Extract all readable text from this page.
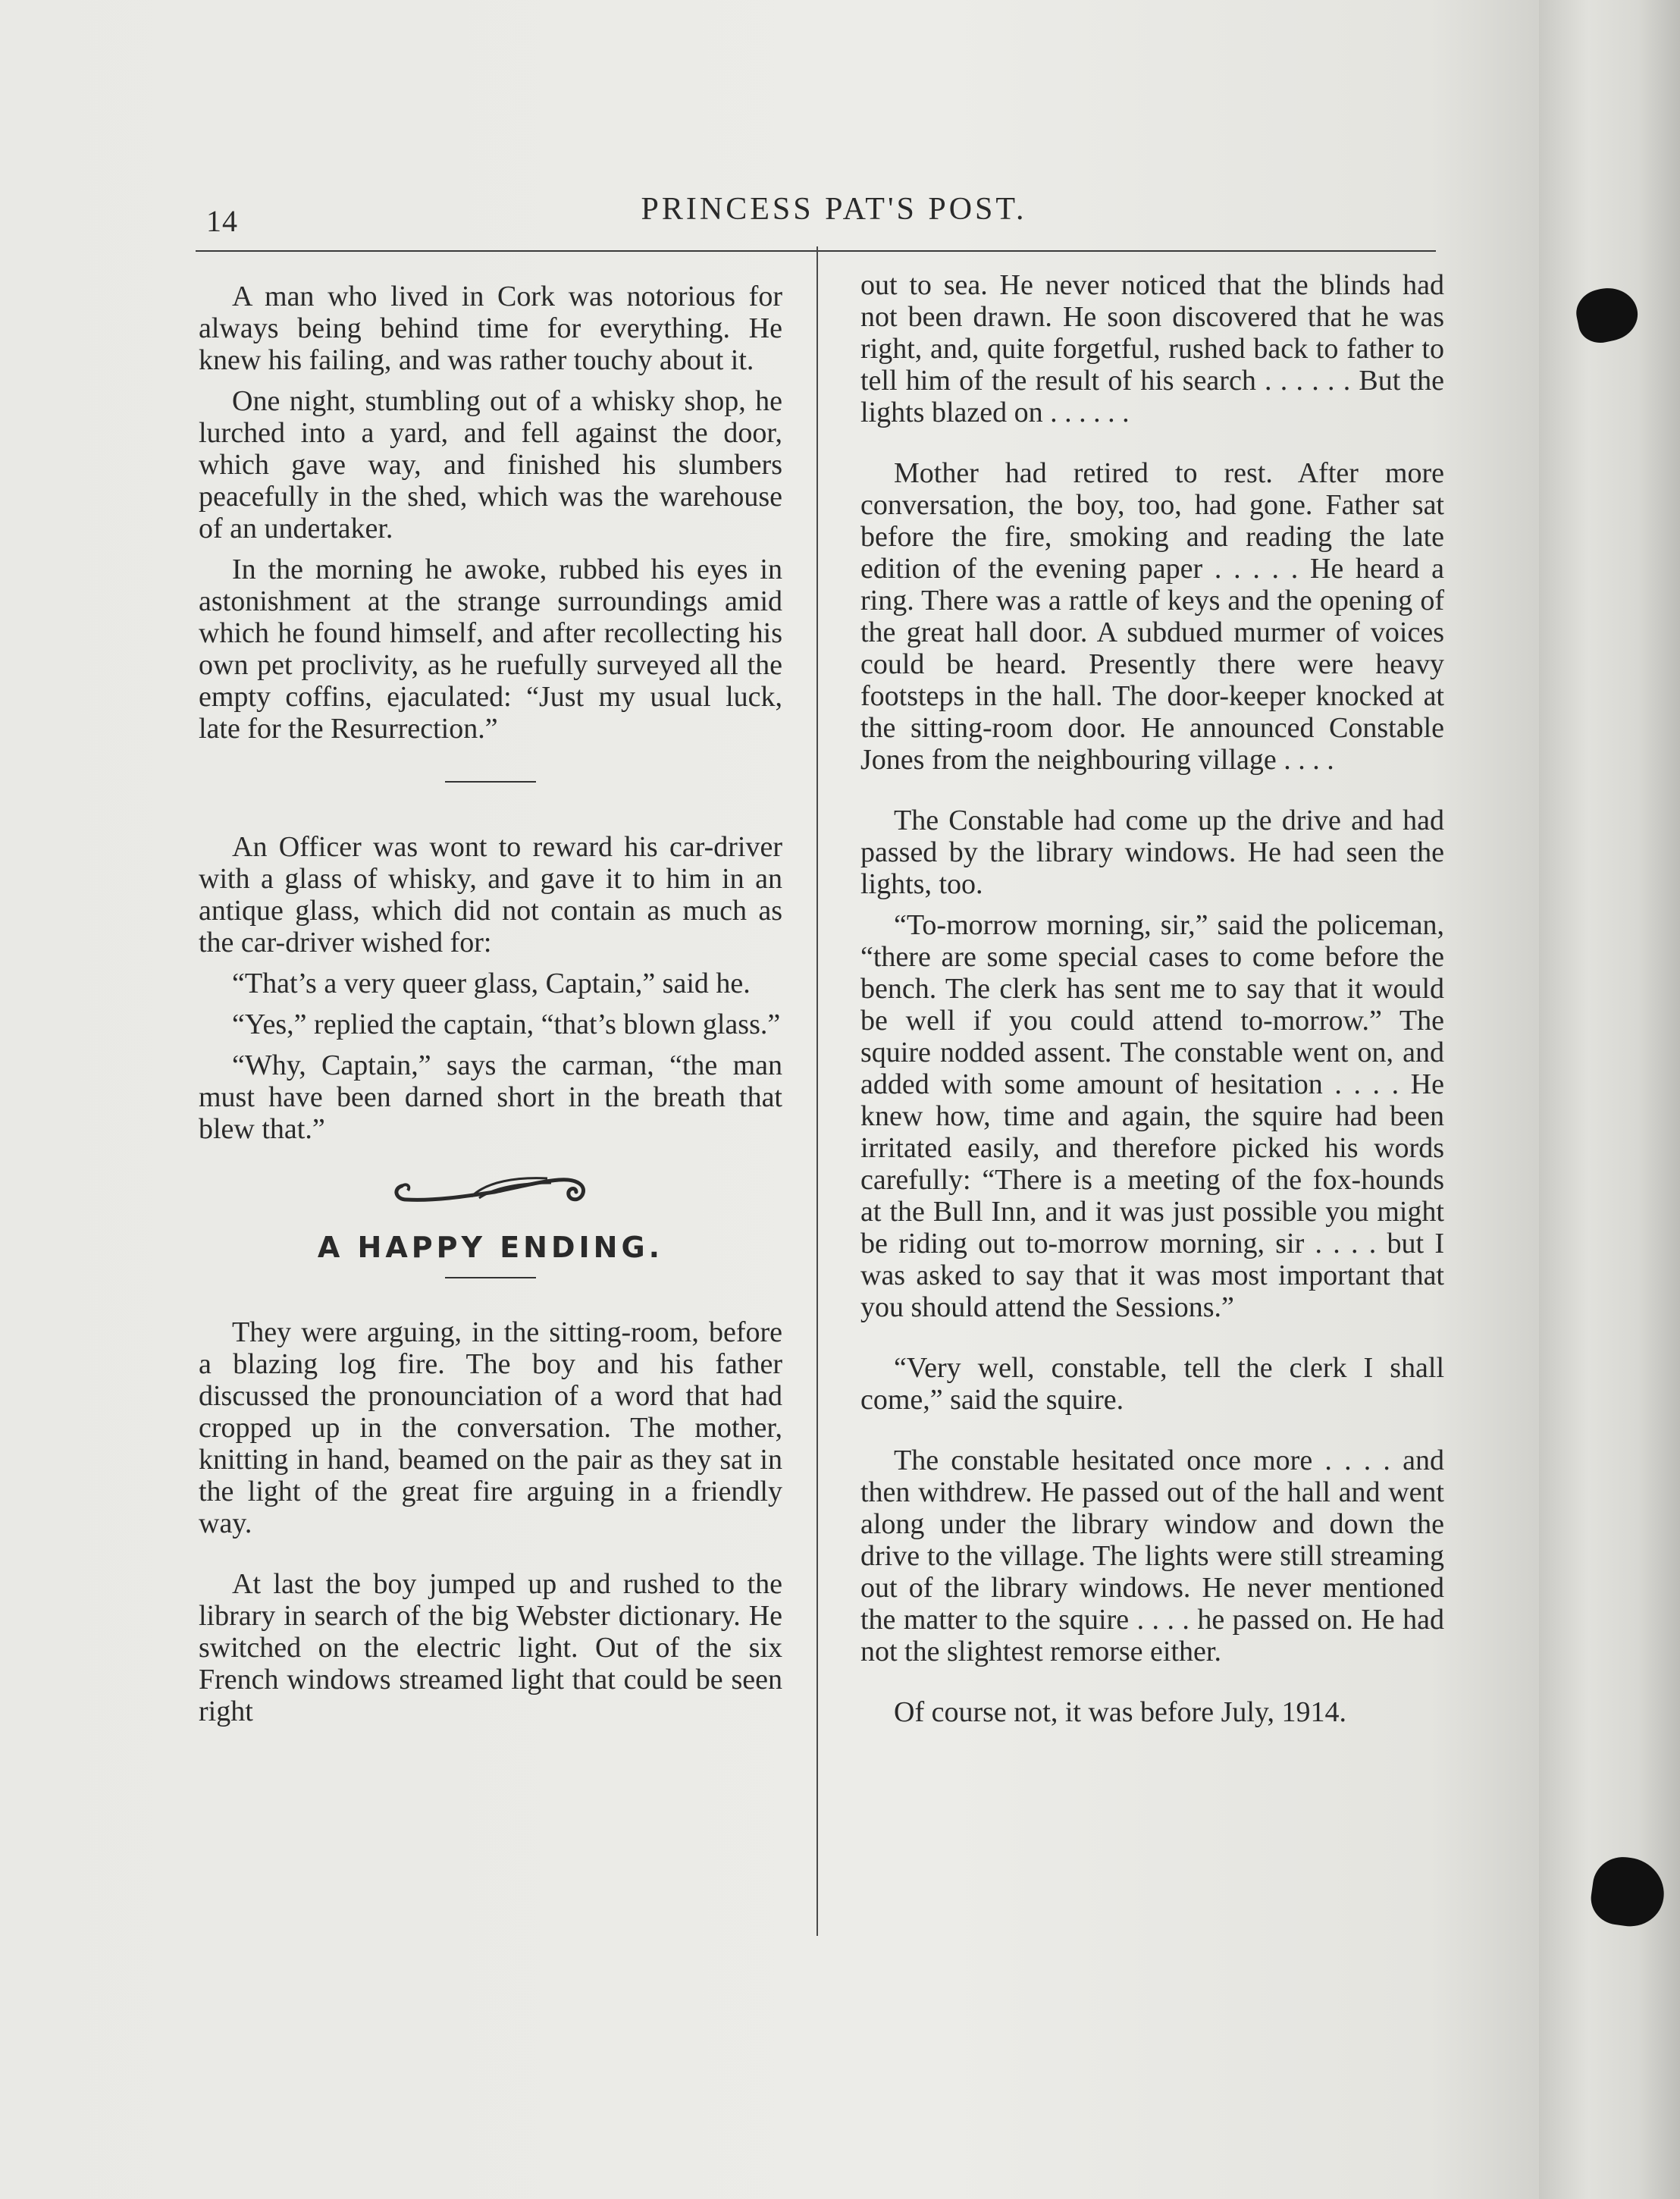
14	PRINCESS PAT'S POST.

A man who lived in Cork was notorious for always being behind time for everything. He knew his failing, and was rather touchy about it.

One night, stumbling out of a whisky shop, he lurched into a yard, and fell against the door, which gave way, and finished his slumbers peacefully in the shed, which was the warehouse of an undertaker.

In the morning he awoke, rubbed his eyes in astonishment at the strange surroundings amid which he found himself, and after recollecting his own pet proclivity, as he ruefully surveyed all the empty coffins, ejaculated: “Just my usual luck, late for the Resurrection.”

An Officer was wont to reward his car-driver with a glass of whisky, and gave it to him in an antique glass, which did not contain as much as the car-driver wished for:

“That’s a very queer glass, Captain,” said he.

“Yes,” replied the captain, “that’s blown glass.”

“Why, Captain,” says the carman, “the man must have been darned short in the breath that blew that.”

A HAPPY ENDING.

They were arguing, in the sitting-room, before a blazing log fire. The boy and his father discussed the pronounciation of a word that had cropped up in the conversation. The mother, knitting in hand, beamed on the pair as they sat in the light of the great fire arguing in a friendly way.

At last the boy jumped up and rushed to the library in search of the big Webster dictionary. He switched on the electric light. Out of the six French windows streamed light that could be seen right

out to sea. He never noticed that the blinds had not been drawn. He soon discovered that he was right, and, quite forgetful, rushed back to father to tell him of the result of his search . . . . . . But the lights blazed on . . . . . .

Mother had retired to rest. After more conversation, the boy, too, had gone. Father sat before the fire, smoking and reading the late edition of the evening paper . . . . . He heard a ring. There was a rattle of keys and the opening of the great hall door. A subdued murmer of voices could be heard. Presently there were heavy footsteps in the hall. The door-keeper knocked at the sitting-room door. He announced Constable Jones from the neighbouring village . . . .

The Constable had come up the drive and had passed by the library windows. He had seen the lights, too.

“To-morrow morning, sir,” said the policeman, “there are some special cases to come before the bench. The clerk has sent me to say that it would be well if you could attend to-morrow.” The squire nodded assent. The constable went on, and added with some amount of hesitation . . . . He knew how, time and again, the squire had been irritated easily, and therefore picked his words carefully: “There is a meeting of the fox-hounds at the Bull Inn, and it was just possible you might be riding out to-morrow morning, sir . . . . but I was asked to say that it was most important that you should attend the Sessions.”

“Very well, constable, tell the clerk I shall come,” said the squire.

The constable hesitated once more . . . . and then withdrew. He passed out of the hall and went along under the library window and down the drive to the village. The lights were still streaming out of the library windows. He never mentioned the matter to the squire . . . . he passed on. He had not the slightest remorse either.

Of course not, it was before July, 1914.
